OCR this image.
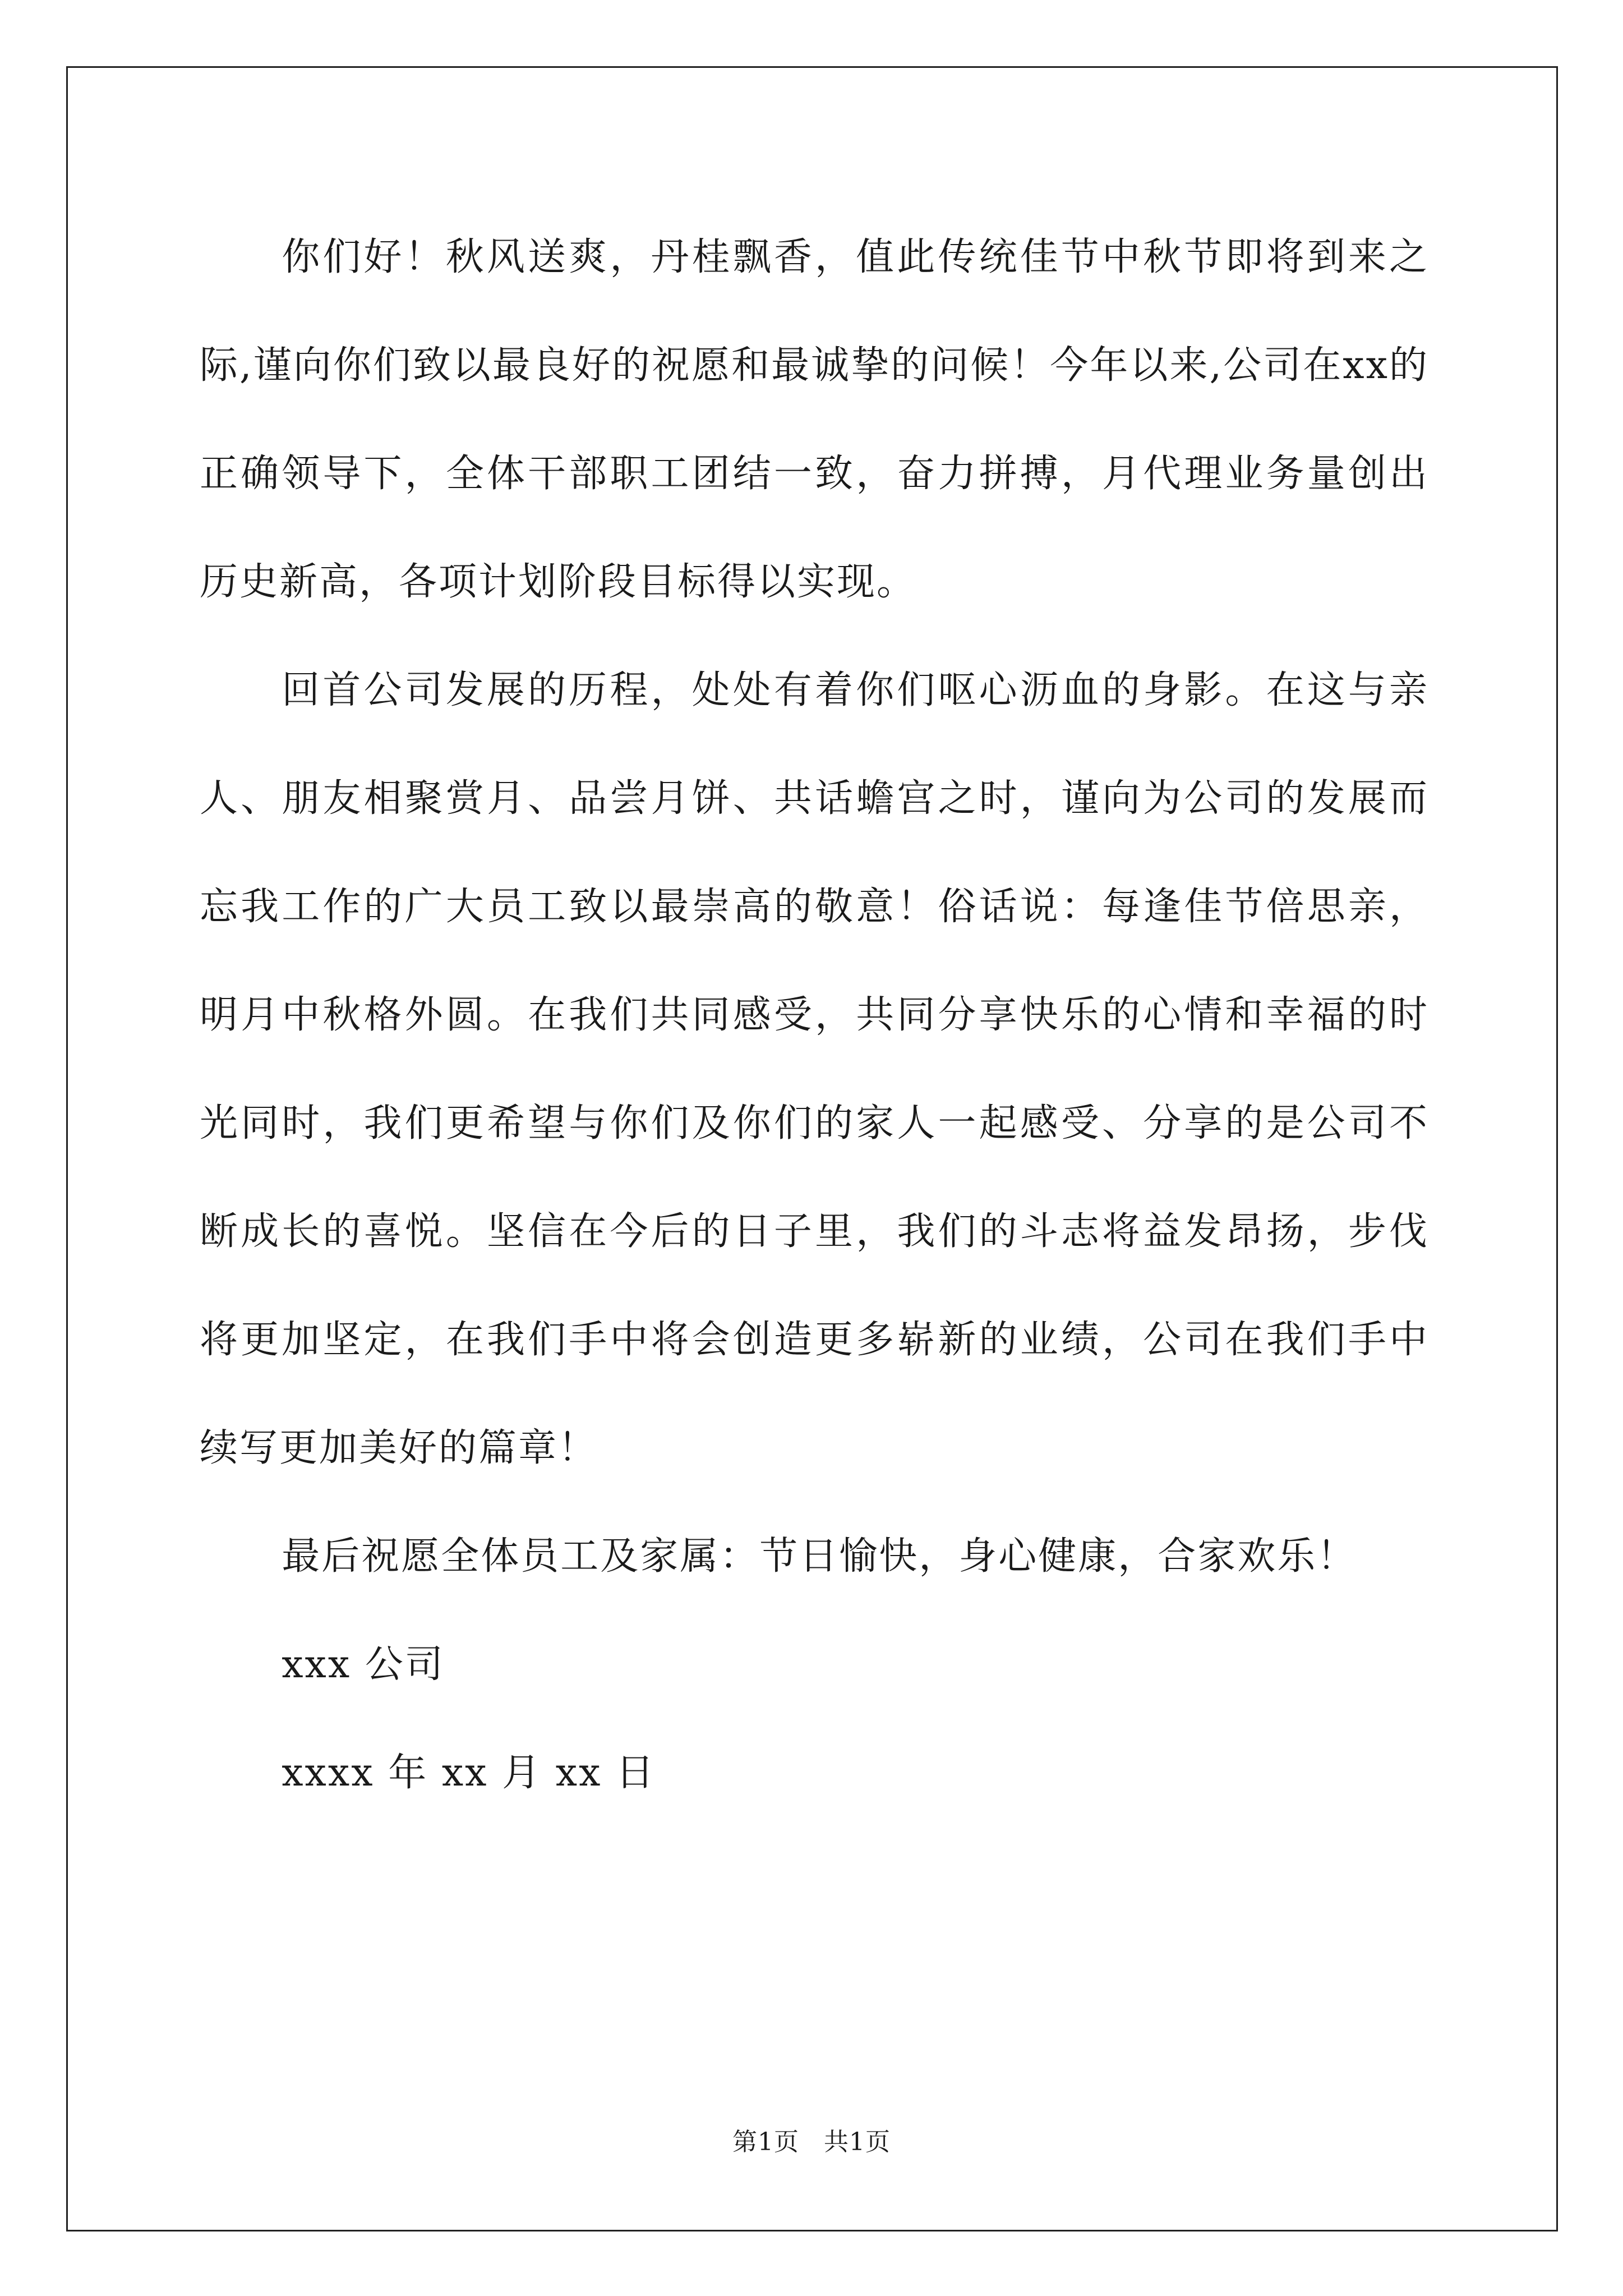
你们好！秋风送爽，丹桂飘香，值此传统佳节中秋节即将到来之际,谨向你们致以最良好的祝愿和最诚挚的问候！今年以来,公司在xx的正确领导下，全体干部职工团结一致，奋力拼搏，月代理业务量创出历史新高，各项计划阶段目标得以实现。

回首公司发展的历程，处处有着你们呕心沥血的身影。在这与亲人、朋友相聚赏月、品尝月饼、共话蟾宫之时，谨向为公司的发展而忘我工作的广大员工致以最崇高的敬意！俗话说：每逢佳节倍思亲，明月中秋格外圆。在我们共同感受，共同分享快乐的心情和幸福的时光同时，我们更希望与你们及你们的家人一起感受、分享的是公司不断成长的喜悦。坚信在今后的日子里，我们的斗志将益发昂扬，步伐将更加坚定，在我们手中将会创造更多崭新的业绩，公司在我们手中续写更加美好的篇章！

最后祝愿全体员工及家属：节日愉快，身心健康，合家欢乐！

xxx 公司

xxxx 年 xx 月 xx 日

第1页 共1页
